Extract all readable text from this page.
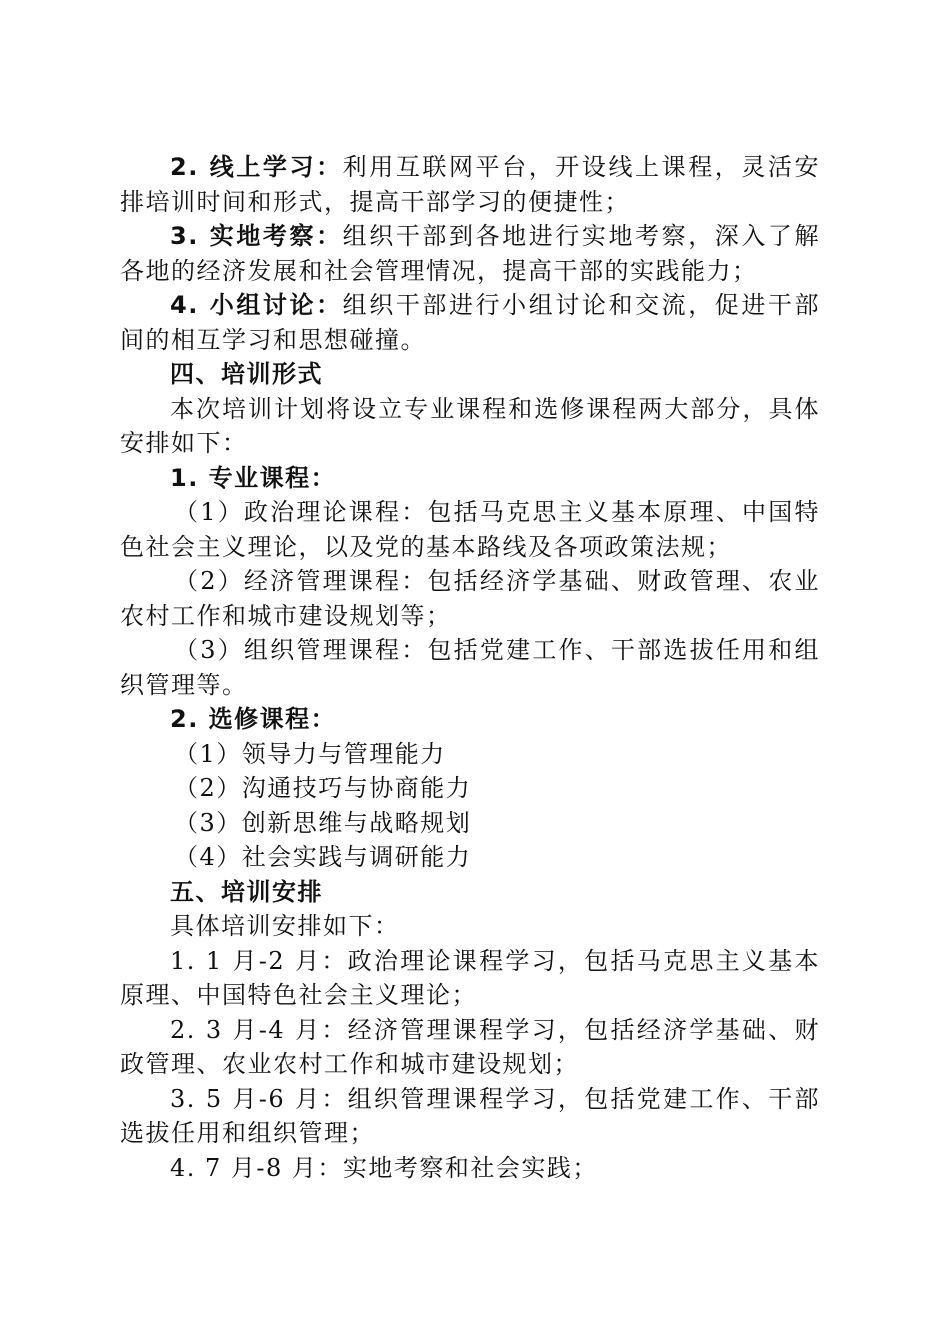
2. 线上学习：利用互联网平台，开设线上课程，灵活安排培训时间和形式，提高干部学习的便捷性；

3. 实地考察：组织干部到各地进行实地考察，深入了解各地的经济发展和社会管理情况，提高干部的实践能力；

4. 小组讨论：组织干部进行小组讨论和交流，促进干部间的相互学习和思想碰撞。

四、培训形式

本次培训计划将设立专业课程和选修课程两大部分，具体安排如下：

1. 专业课程：

（1）政治理论课程：包括马克思主义基本原理、中国特色社会主义理论，以及党的基本路线及各项政策法规；

（2）经济管理课程：包括经济学基础、财政管理、农业农村工作和城市建设规划等；

（3）组织管理课程：包括党建工作、干部选拔任用和组织管理等。

2. 选修课程：

（1）领导力与管理能力

（2）沟通技巧与协商能力

（3）创新思维与战略规划

（4）社会实践与调研能力

五、培训安排

具体培训安排如下：

1. 1 月-2 月：政治理论课程学习，包括马克思主义基本原理、中国特色社会主义理论；

2. 3 月-4 月：经济管理课程学习，包括经济学基础、财政管理、农业农村工作和城市建设规划；

3. 5 月-6 月：组织管理课程学习，包括党建工作、干部选拔任用和组织管理；

4. 7 月-8 月：实地考察和社会实践；
